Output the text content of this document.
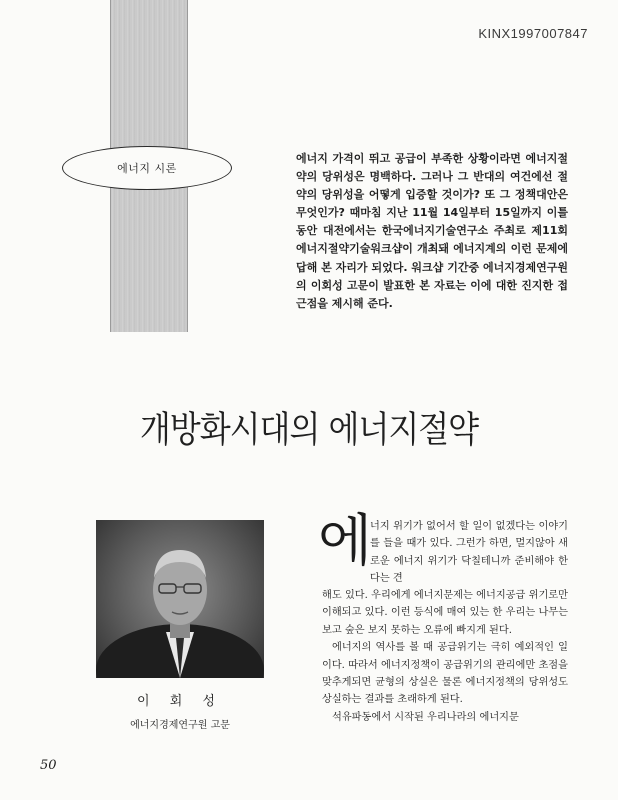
KINX1997007847
에너지 시론

에너지 가격이 뛰고 공급이 부족한 상황이라면 에너지절약의 당위성은 명백하다. 그러나 그 반대의 여건에선 절약의 당위성을 어떻게 입증할 것이가? 또 그 정책대안은 무엇인가? 때마침 지난 11월 14일부터 15일까지 이틀동안 대전에서는 한국에너지기술연구소 주최로 제11회 에너지절약기술워크샵이 개최돼 에너지계의 이런 문제에 답해 본 자리가 되었다. 워크샵 기간중 에너지경제연구원의 이회성 고문이 발표한 본 자료는 이에 대한 진지한 접근점을 제시해 준다.

개방화시대의 에너지절약

이 회 성

에너지경제연구원 고문

에

너지 위기가 없어서 할 일이 없겠다는 이야기를 들을 때가 있다. 그런가 하면, 멀지않아 새로운 에너지 위기가 닥칠테니까 준비해야 한다는 견

해도 있다. 우리에게 에너지문제는 에너지공급 위기로만 이해되고 있다. 이런 등식에 매여 있는 한 우리는 나무는 보고 숲은 보지 못하는 오류에 빠지게 된다.

에너지의 역사를 볼 때 공급위기는 극히 예외적인 일이다. 따라서 에너지정책이 공급위기의 관리에만 초점을 맞추게되면 균형의 상실은 물론 에너지정책의 당위성도 상실하는 결과를 초래하게 된다.

석유파동에서 시작된 우리나라의 에너지문

50
